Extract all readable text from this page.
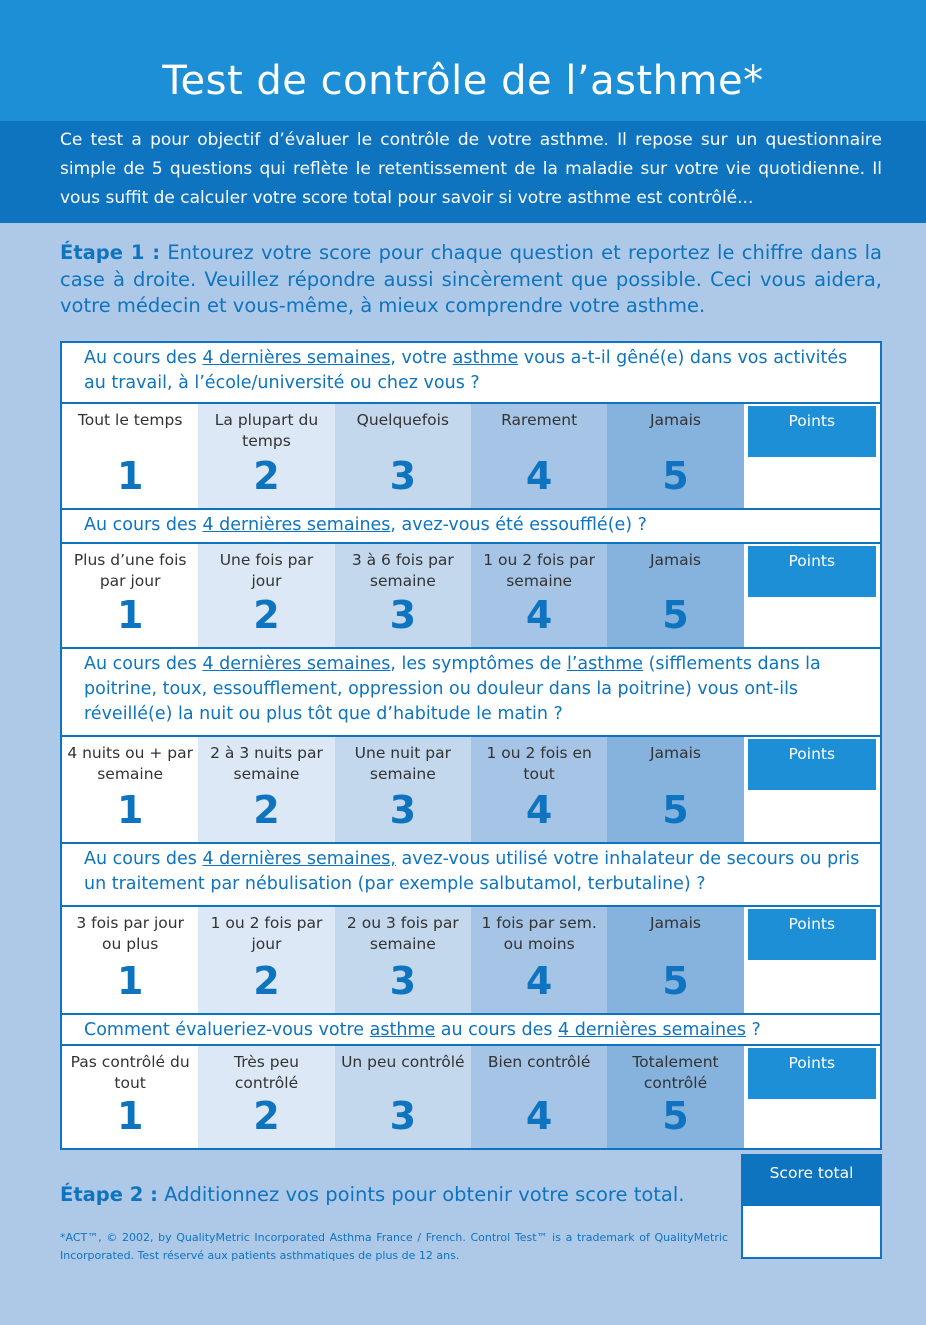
Test de contrôle de l’asthme*
Ce test a pour objectif d’évaluer le contrôle de votre asthme. Il repose sur un questionnaire simple de 5 questions qui reflète le retentissement de la maladie sur votre vie quotidienne. Il vous suffit de calculer votre score total pour savoir si votre asthme est contrôlé...
Étape 1 : Entourez votre score pour chaque question et reportez le chiffre dans la case à droite. Veuillez répondre aussi sincèrement que possible. Ceci vous aidera, votre médecin et vous-même, à mieux comprendre votre asthme.
Au cours des 4 dernières semaines, votre asthme vous a-t-il gêné(e) dans vos activités au travail, à l’école/université ou chez vous ?
Tout le temps
1
La plupart du temps
2
Quelquefois
3
Rarement
4
Jamais
5
Points
Au cours des 4 dernières semaines, avez-vous été essoufflé(e) ?
Plus d’une fois par jour
1
Une fois par jour
2
3 à 6 fois par semaine
3
1 ou 2 fois par semaine
4
Jamais
5
Points
Au cours des 4 dernières semaines, les symptômes de l’asthme (sifflements dans la poitrine, toux, essoufflement, oppression ou douleur dans la poitrine) vous ont-ils réveillé(e) la nuit ou plus tôt que d’habitude le matin ?
4 nuits ou + par semaine
1
2 à 3 nuits par semaine
2
Une nuit par semaine
3
1 ou 2 fois en tout
4
Jamais
5
Points
Au cours des 4 dernières semaines, avez-vous utilisé votre inhalateur de secours ou pris un traitement par nébulisation (par exemple salbutamol, terbutaline) ?
3 fois par jour ou plus
1
1 ou 2 fois par jour
2
2 ou 3 fois par semaine
3
1 fois par sem. ou moins
4
Jamais
5
Points
Comment évalueriez-vous votre asthme au cours des 4 dernières semaines ?
Pas contrôlé du tout
1
Très peu contrôlé
2
Un peu contrôlé
3
Bien contrôlé
4
Totalement contrôlé
5
Points
Étape 2 : Additionnez vos points pour obtenir votre score total.
Score total
*ACT™, © 2002, by QualityMetric Incorporated Asthma France / French. Control Test™ is a trademark of QualityMetric Incorporated. Test réservé aux patients asthmatiques de plus de 12 ans.
